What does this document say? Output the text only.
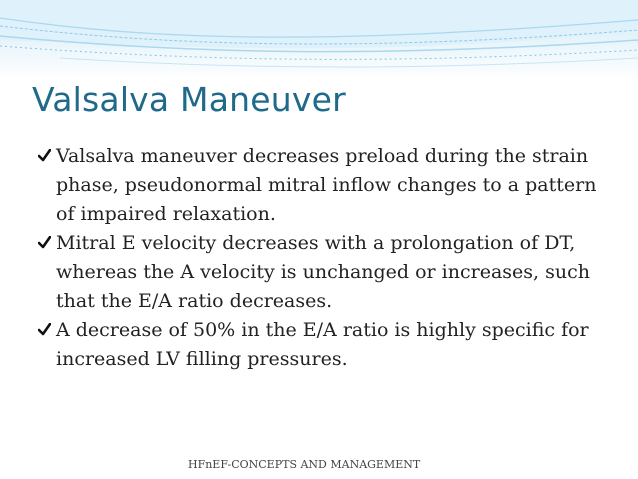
Valsalva Maneuver

Valsalva maneuver decreases preload during the strain phase, pseudonormal mitral inflow changes to a pattern of impaired relaxation.

Mitral E velocity decreases with a prolongation of DT, whereas the A velocity is unchanged or increases, such that the E/A ratio decreases.

A decrease of 50% in the E/A ratio is highly specific for increased LV filling pressures.

HFnEF-CONCEPTS AND MANAGEMENT
